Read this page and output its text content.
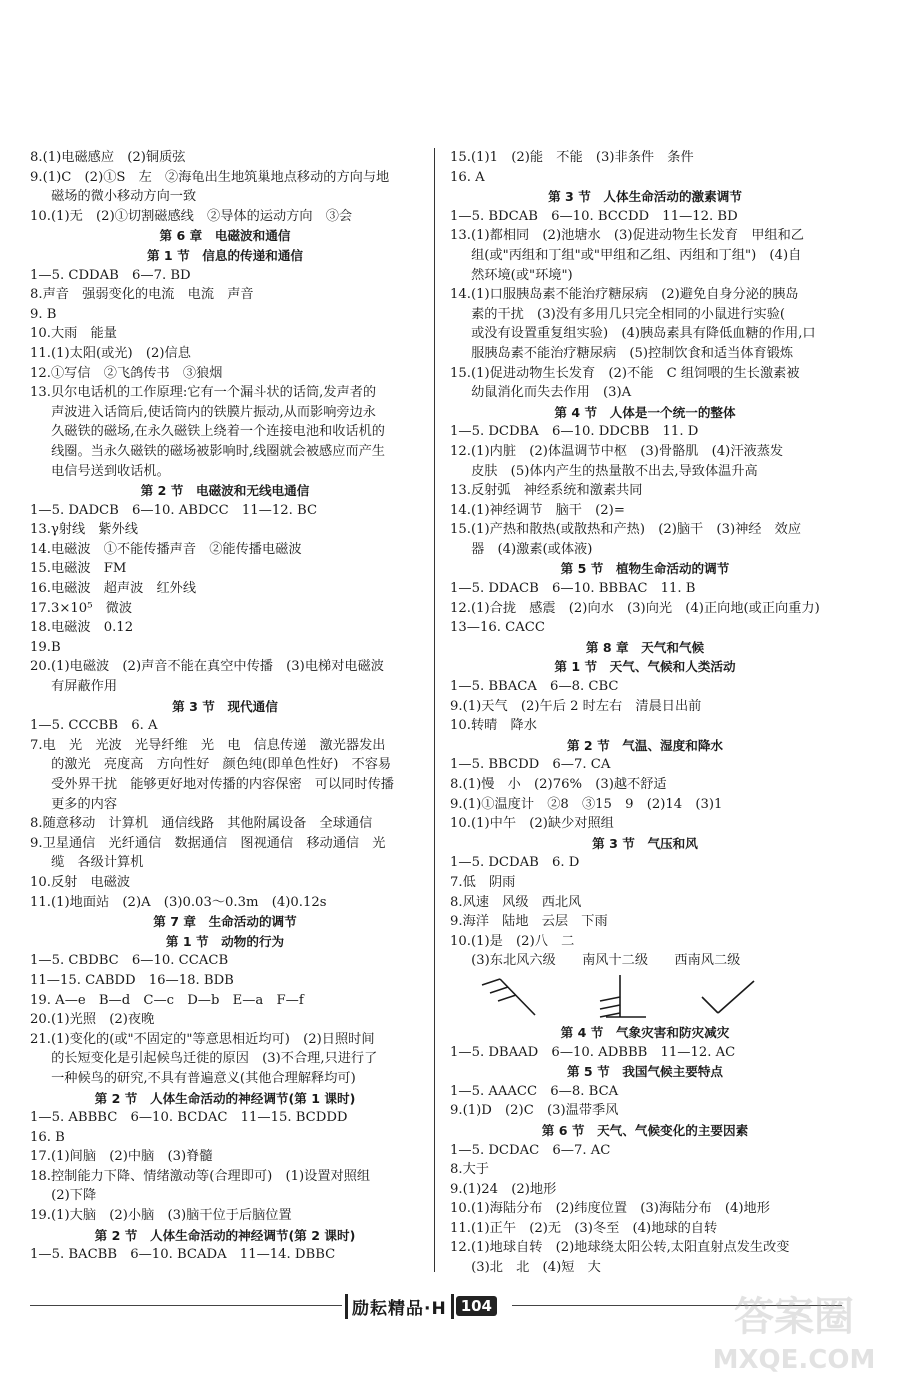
8.(1)电磁感应　(2)铜质弦
9.(1)C　(2)①S　左　②海龟出生地筑巢地点移动的方向与地
磁场的微小移动方向一致
10.(1)无　(2)①切割磁感线　②导体的运动方向　③会
第 6 章　电磁波和通信
第 1 节　信息的传递和通信
1—5. CDDAB　6—7. BD
8.声音　强弱变化的电流　电流　声音
9. B
10.大雨　能量
11.(1)太阳(或光)　(2)信息
12.①写信　②飞鸽传书　③狼烟
13.贝尔电话机的工作原理:它有一个漏斗状的话筒,发声者的
声波进入话筒后,使话筒内的铁膜片振动,从而影响旁边永
久磁铁的磁场,在永久磁铁上绕着一个连接电池和收话机的
线圈。当永久磁铁的磁场被影响时,线圈就会被感应而产生
电信号送到收话机。
第 2 节　电磁波和无线电通信
1—5. DADCB　6—10. ABDCC　11—12. BC
13.γ射线　紫外线
14.电磁波　①不能传播声音　②能传播电磁波
15.电磁波　FM
16.电磁波　超声波　红外线
17.3×10⁵　微波
18.电磁波　0.12
19.B
20.(1)电磁波　(2)声音不能在真空中传播　(3)电梯对电磁波
有屏蔽作用
第 3 节　现代通信
1—5. CCCBB　6. A
7.电　光　光波　光导纤维　光　电　信息传递　激光器发出
的激光　亮度高　方向性好　颜色纯(即单色性好)　不容易
受外界干扰　能够更好地对传播的内容保密　可以同时传播
更多的内容
8.随意移动　计算机　通信线路　其他附属设备　全球通信
9.卫星通信　光纤通信　数据通信　图视通信　移动通信　光
缆　各级计算机
10.反射　电磁波
11.(1)地面站　(2)A　(3)0.03～0.3m　(4)0.12s
第 7 章　生命活动的调节
第 1 节　动物的行为
1—5. CBDBC　6—10. CCACB
11—15. CABDD　16—18. BDB
19. A—e　B—d　C—c　D—b　E—a　F—f
20.(1)光照　(2)夜晚
21.(1)变化的(或"不固定的"等意思相近均可)　(2)日照时间
的长短变化是引起候鸟迁徙的原因　(3)不合理,只进行了
一种候鸟的研究,不具有普遍意义(其他合理解释均可)
第 2 节　人体生命活动的神经调节(第 1 课时)
1—5. ABBBC　6—10. BCDAC　11—15. BCDDD
16. B
17.(1)间脑　(2)中脑　(3)脊髓
18.控制能力下降、情绪激动等(合理即可)　(1)设置对照组
(2)下降
19.(1)大脑　(2)小脑　(3)脑干位于后脑位置
第 2 节　人体生命活动的神经调节(第 2 课时)
1—5. BACBB　6—10. BCADA　11—14. DBBC
15.(1)1　(2)能　不能　(3)非条件　条件
16. A
第 3 节　人体生命活动的激素调节
1—5. BDCAB　6—10. BCCDD　11—12. BD
13.(1)都相同　(2)池塘水　(3)促进动物生长发育　甲组和乙
组(或"丙组和丁组"或"甲组和乙组、丙组和丁组")　(4)自
然环境(或"环境")
14.(1)口服胰岛素不能治疗糖尿病　(2)避免自身分泌的胰岛
素的干扰　(3)没有多用几只完全相同的小鼠进行实验(
或没有设置重复组实验)　(4)胰岛素具有降低血糖的作用,口
服胰岛素不能治疗糖尿病　(5)控制饮食和适当体育锻炼
15.(1)促进动物生长发育　(2)不能　C 组饲喂的生长激素被
幼鼠消化而失去作用　(3)A
第 4 节　人体是一个统一的整体
1—5. DCDBA　6—10. DDCBB　11. D
12.(1)内脏　(2)体温调节中枢　(3)骨骼肌　(4)汗液蒸发
皮肤　(5)体内产生的热量散不出去,导致体温升高
13.反射弧　神经系统和激素共同
14.(1)神经调节　脑干　(2)=
15.(1)产热和散热(或散热和产热)　(2)脑干　(3)神经　效应
器　(4)激素(或体液)
第 5 节　植物生命活动的调节
1—5. DDACB　6—10. BBBAC　11. B
12.(1)合拢　感震　(2)向水　(3)向光　(4)正向地(或正向重力)
13—16. CACC
第 8 章　天气和气候
第 1 节　天气、气候和人类活动
1—5. BBACA　6—8. CBC
9.(1)天气　(2)午后 2 时左右　清晨日出前
10.转晴　降水
第 2 节　气温、湿度和降水
1—5. BBCDD　6—7. CA
8.(1)慢　小　(2)76%　(3)越不舒适
9.(1)①温度计　②8　③15　9　(2)14　(3)1
10.(1)中午　(2)缺少对照组
第 3 节　气压和风
1—5. DCDAB　6. D
7.低　阴雨
8.风速　风级　西北风
9.海洋　陆地　云层　下雨
10.(1)是　(2)八　二
(3)东北风六级　　南风十二级　　西南风二级
第 4 节　气象灾害和防灾减灾
1—5. DBAAD　6—10. ADBBB　11—12. AC
第 5 节　我国气候主要特点
1—5. AAACC　6—8. BCA
9.(1)D　(2)C　(3)温带季风
第 6 节　天气、气候变化的主要因素
1—5. DCDAC　6—7. AC
8.大于
9.(1)24　(2)地形
10.(1)海陆分布　(2)纬度位置　(3)海陆分布　(4)地形
11.(1)正午　(2)无　(3)冬至　(4)地球的自转
12.(1)地球自转　(2)地球绕太阳公转,太阳直射点发生改变
(3)北　北　(4)短　大
励耘精品·H 104	答案圈
MXQE.COM
